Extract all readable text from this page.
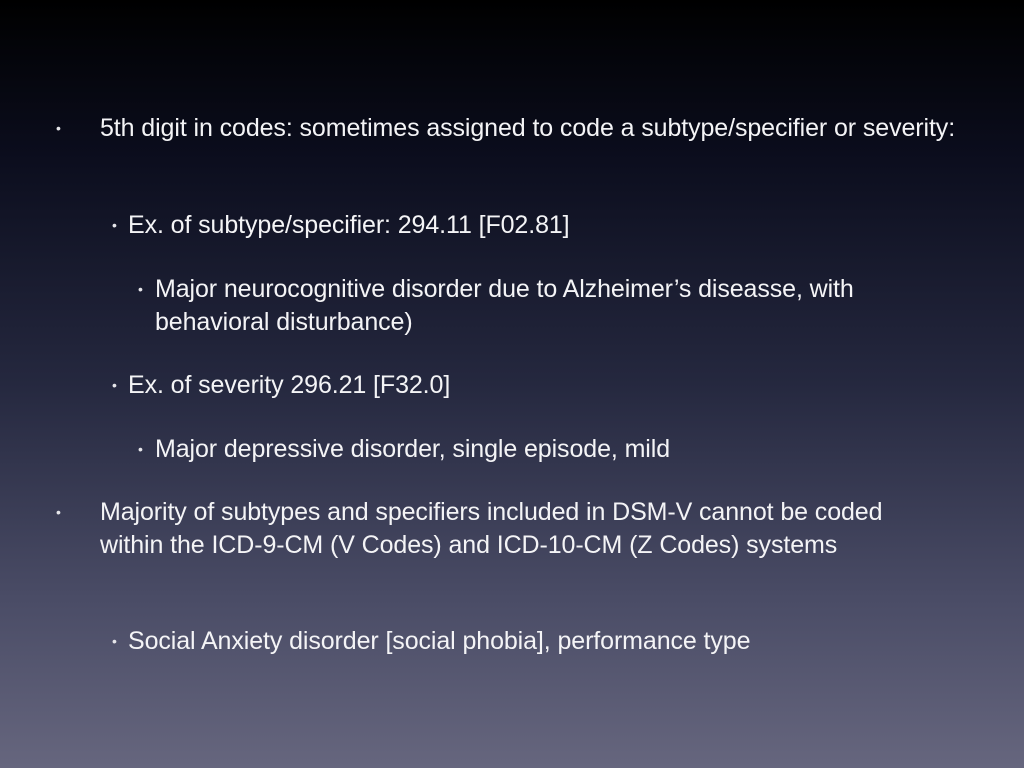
• 5th digit in codes: sometimes assigned to code a subtype/specifier or severity:
• Ex. of subtype/specifier: 294.11 [F02.81]
• Major neurocognitive disorder due to Alzheimer’s diseasse, with behavioral disturbance)
• Ex. of severity 296.21 [F32.0]
• Major depressive disorder, single episode, mild
• Majority of subtypes and specifiers included in DSM-V cannot be coded within the ICD-9-CM (V Codes) and ICD-10-CM (Z Codes) systems
• Social Anxiety disorder [social phobia], performance type
